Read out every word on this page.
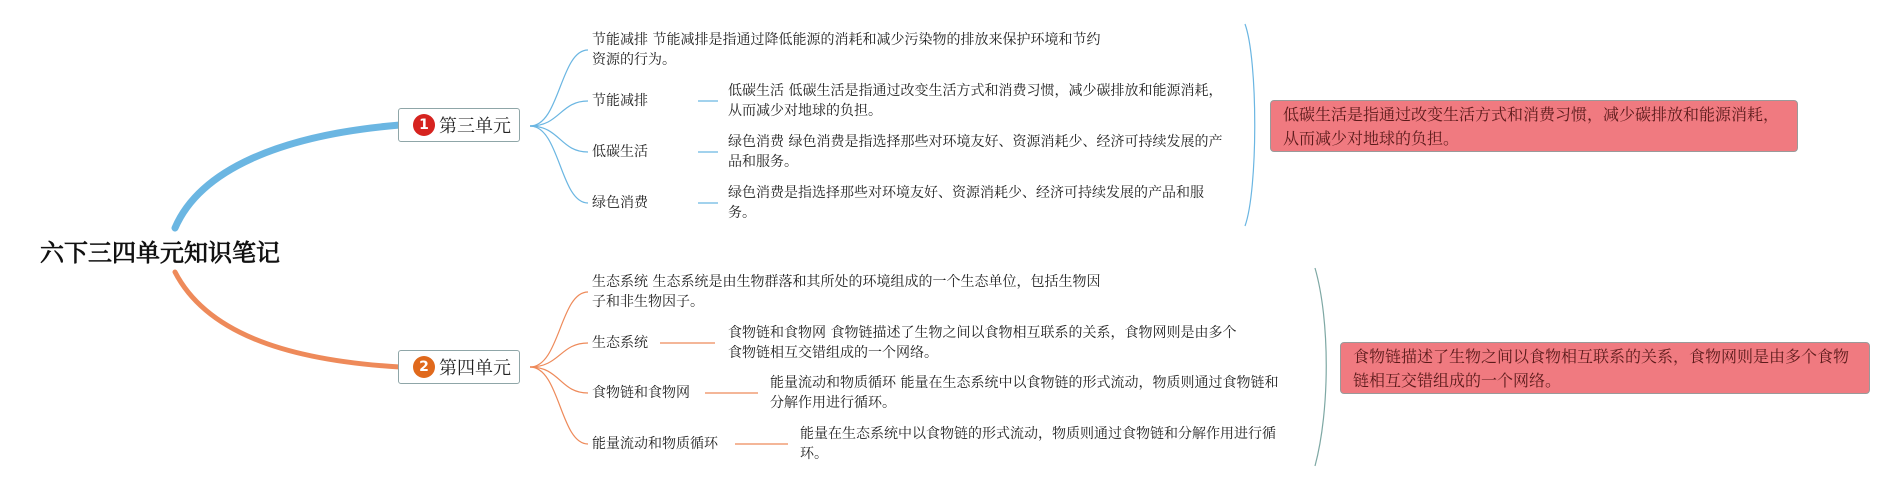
六下三四单元知识笔记
1 第三单元
节能减排 节能减排是指通过降低能源的消耗和减少污染物的排放来保护环境和节约资源的行为。
节能减排
低碳生活 低碳生活是指通过改变生活方式和消费习惯，减少碳排放和能源消耗，从而减少对地球的负担。
低碳生活
绿色消费 绿色消费是指选择那些对环境友好、资源消耗少、经济可持续发展的产品和服务。
绿色消费
绿色消费是指选择那些对环境友好、资源消耗少、经济可持续发展的产品和服务。
低碳生活是指通过改变生活方式和消费习惯，减少碳排放和能源消耗，从而减少对地球的负担。
2 第四单元
生态系统 生态系统是由生物群落和其所处的环境组成的一个生态单位，包括生物因子和非生物因子。
生态系统
食物链和食物网 食物链描述了生物之间以食物相互联系的关系，食物网则是由多个食物链相互交错组成的一个网络。
食物链和食物网
能量流动和物质循环 能量在生态系统中以食物链的形式流动，物质则通过食物链和分解作用进行循环。
能量流动和物质循环
能量在生态系统中以食物链的形式流动，物质则通过食物链和分解作用进行循环。
食物链描述了生物之间以食物相互联系的关系，食物网则是由多个食物链相互交错组成的一个网络。
